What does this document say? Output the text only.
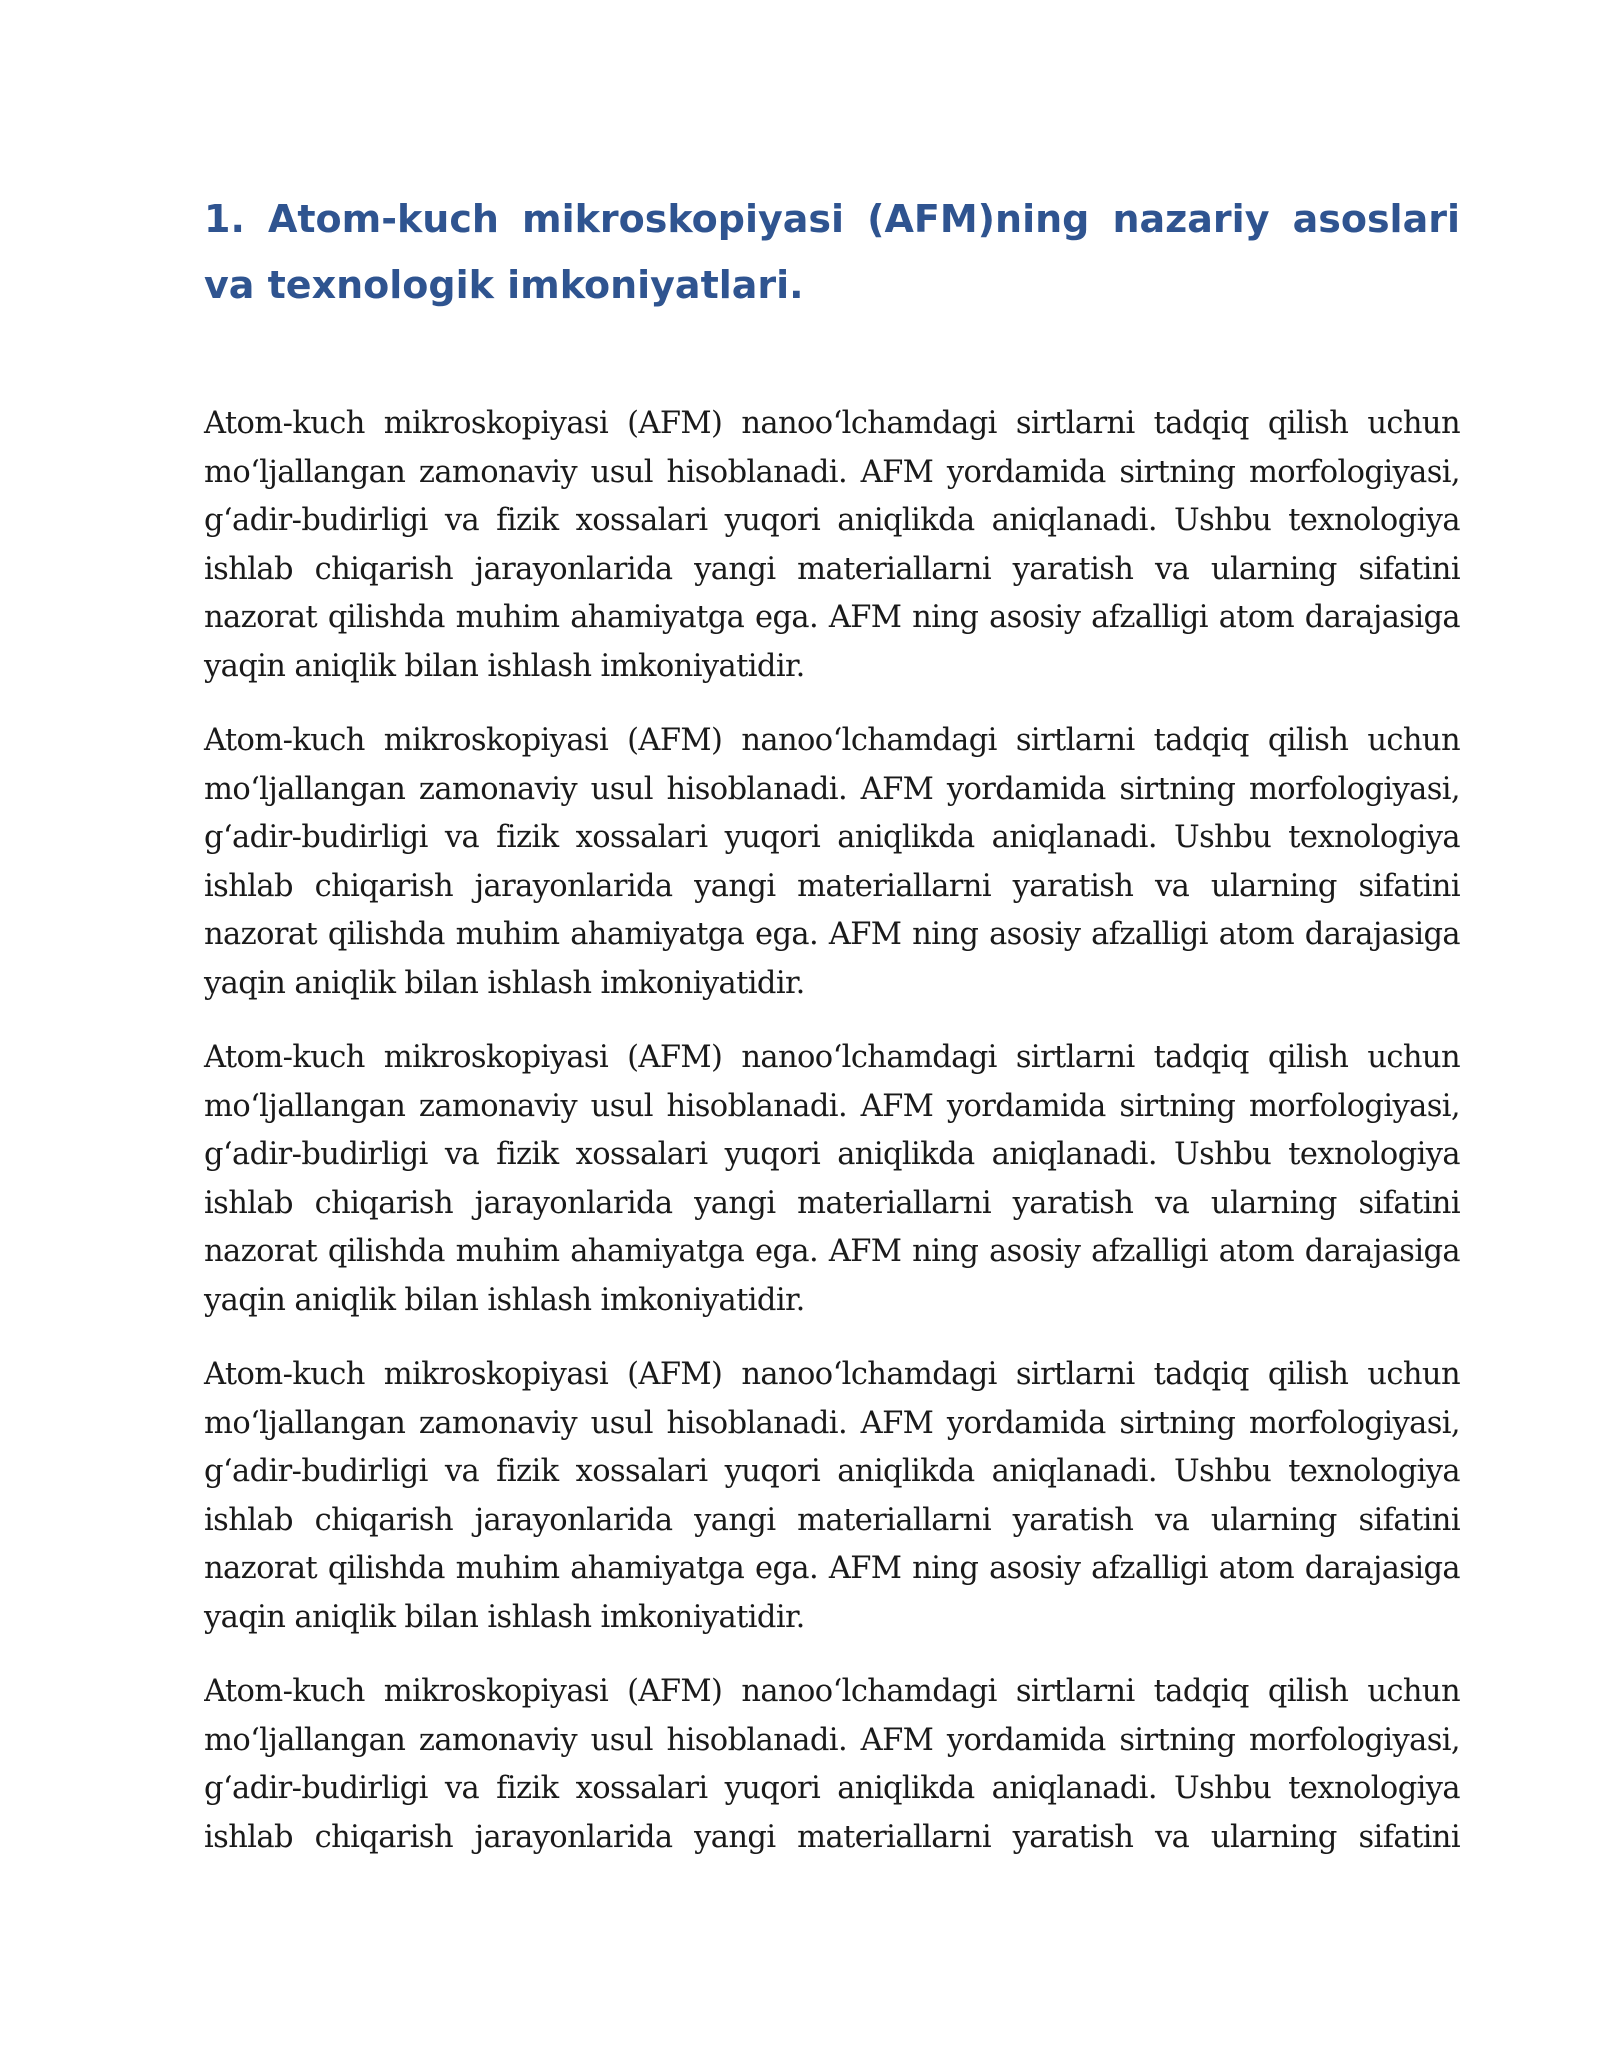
1. Atom-kuch mikroskopiyasi (AFM)ning nazariy asoslari va texnologik imkoniyatlari.

Atom-kuch mikroskopiyasi (AFM) nanoo‘lchamdagi sirtlarni tadqiq qilish uchun mo‘ljallangan zamonaviy usul hisoblanadi. AFM yordamida sirtning morfologiyasi, g‘adir-budirligi va fizik xossalari yuqori aniqlikda aniqlanadi. Ushbu texnologiya ishlab chiqarish jarayonlarida yangi materiallarni yaratish va ularning sifatini nazorat qilishda muhim ahamiyatga ega. AFM ning asosiy afzalligi atom darajasiga yaqin aniqlik bilan ishlash imkoniyatidir.

Atom-kuch mikroskopiyasi (AFM) nanoo‘lchamdagi sirtlarni tadqiq qilish uchun mo‘ljallangan zamonaviy usul hisoblanadi. AFM yordamida sirtning morfologiyasi, g‘adir-budirligi va fizik xossalari yuqori aniqlikda aniqlanadi. Ushbu texnologiya ishlab chiqarish jarayonlarida yangi materiallarni yaratish va ularning sifatini nazorat qilishda muhim ahamiyatga ega. AFM ning asosiy afzalligi atom darajasiga yaqin aniqlik bilan ishlash imkoniyatidir.

Atom-kuch mikroskopiyasi (AFM) nanoo‘lchamdagi sirtlarni tadqiq qilish uchun mo‘ljallangan zamonaviy usul hisoblanadi. AFM yordamida sirtning morfologiyasi, g‘adir-budirligi va fizik xossalari yuqori aniqlikda aniqlanadi. Ushbu texnologiya ishlab chiqarish jarayonlarida yangi materiallarni yaratish va ularning sifatini nazorat qilishda muhim ahamiyatga ega. AFM ning asosiy afzalligi atom darajasiga yaqin aniqlik bilan ishlash imkoniyatidir.

Atom-kuch mikroskopiyasi (AFM) nanoo‘lchamdagi sirtlarni tadqiq qilish uchun mo‘ljallangan zamonaviy usul hisoblanadi. AFM yordamida sirtning morfologiyasi, g‘adir-budirligi va fizik xossalari yuqori aniqlikda aniqlanadi. Ushbu texnologiya ishlab chiqarish jarayonlarida yangi materiallarni yaratish va ularning sifatini nazorat qilishda muhim ahamiyatga ega. AFM ning asosiy afzalligi atom darajasiga yaqin aniqlik bilan ishlash imkoniyatidir.

Atom-kuch mikroskopiyasi (AFM) nanoo‘lchamdagi sirtlarni tadqiq qilish uchun mo‘ljallangan zamonaviy usul hisoblanadi. AFM yordamida sirtning morfologiyasi, g‘adir-budirligi va fizik xossalari yuqori aniqlikda aniqlanadi. Ushbu texnologiya ishlab chiqarish jarayonlarida yangi materiallarni yaratish va ularning sifatini
